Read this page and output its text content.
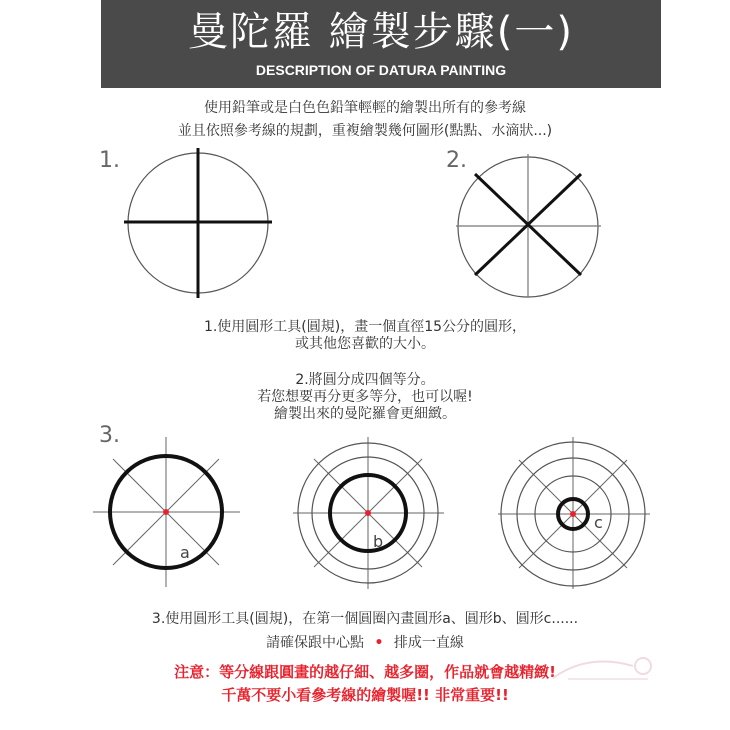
曼陀羅 繪製步驟(一)
DESCRIPTION OF DATURA PAINTING
使用鉛筆或是白色色鉛筆輕輕的繪製出所有的參考線
並且依照參考線的規劃，重複繪製幾何圖形(點點、水滴狀...)
1.	2.
1.使用圓形工具(圓規)，畫一個直徑15公分的圓形，
或其他您喜歡的大小。
2.將圓分成四個等分。
若您想要再分更多等分，也可以喔!
繪製出來的曼陀羅會更細緻。
3.
a
b
c
3.使用圓形工具(圓規)，在第一個圓圈內畫圓形a、圓形b、圓形c......
請確保跟中心點 • 排成一直線
注意：等分線跟圓畫的越仔細、越多圈，作品就會越精緻!
千萬不要小看參考線的繪製喔!! 非常重要!!
